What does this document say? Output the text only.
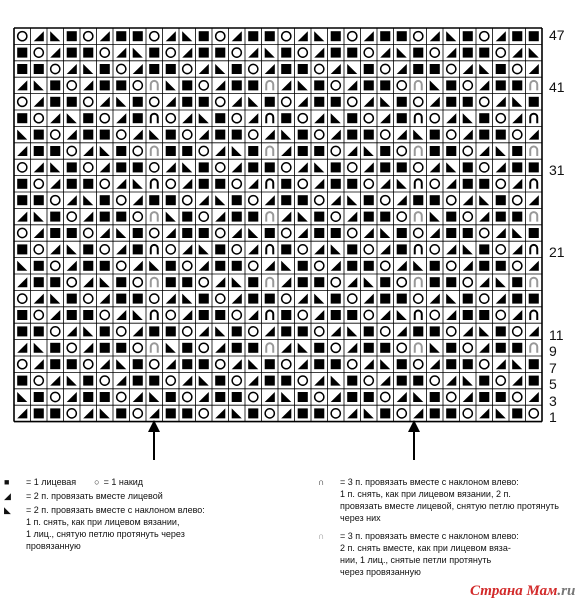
47
41
31
21
11
9
7
5
3
1
■	= 1 лицевая ○ = 1 накид
◢	= 2 п. провязать вместе лицевой
◣	= 2 п. провязать вместе с наклоном влево:
1 п. снять, как при лицевом вязании,
1 лиц., снятую петлю протянуть через
провязанную
∩	= 3 п. провязать вместе с наклоном влево:
1 п. снять, как при лицевом вязании, 2 п.
провязать вместе лицевой, снятую петлю протянуть через них
∩	= 3 п. провязать вместе с наклоном влево:
2 п. снять вместе, как при лицевом вяза-
нии, 1 лиц., снятые петли протянуть
через провязанную
Страна Мам.ru
